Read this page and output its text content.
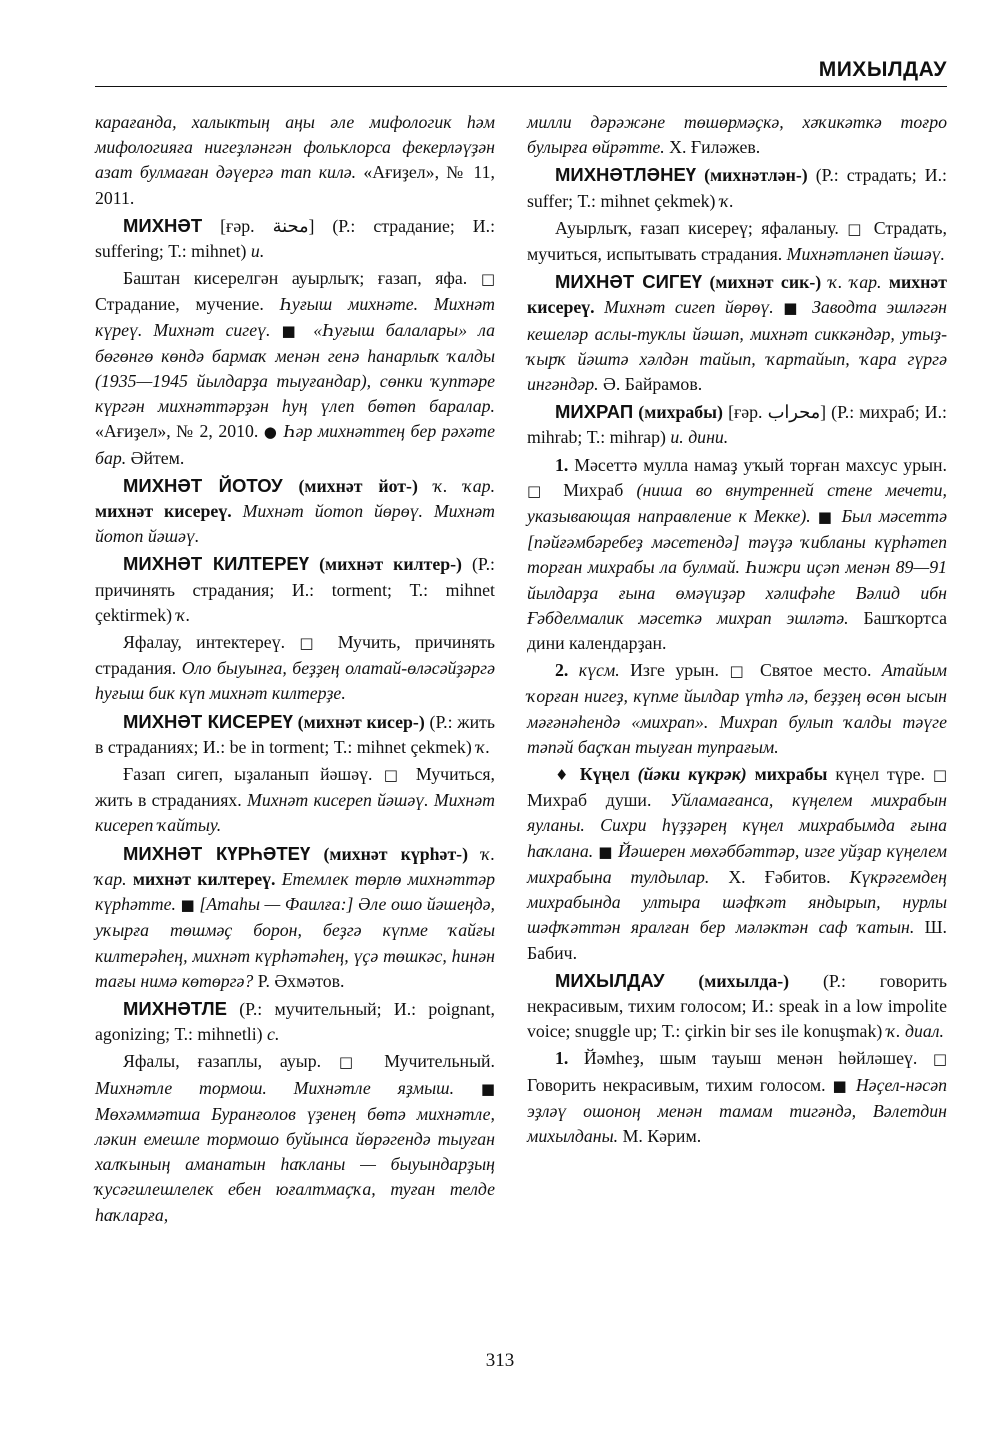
МИХЫЛДАУ

карағанда, халыктың аңы әле мифологик һәм мифологияға нигеҙләнгән фольклорса фекерләүҙән азат булмаған дәүергә тап килә. «Ағиҙел», № 11, 2011.

МИХНӘТ [ғәр. محنة] (Р.: страдание; И.: suffering; Т.: mihnet) и.

Баштан кисерелгән ауырлыҡ; ғазап, яфа. □ Страдание, мучение. Һуғыш михнәте. Михнәт күреү. Михнәт сигеү. ■ «Һуғыш балалары» ла бөгөнгө көндә бармаҡ менән генә һанарлыҡ ҡалды (1935—1945 йылдарҙа тыуғандар), сөнки ҡуптәре күргән михнәттәрҙән һуң үлеп бөтөп баралар. «Ағиҙел», № 2, 2010. ● Һәр михнәттең бер рәхәте бар. Әйтем.

МИХНӘТ ЙОТОУ (михнәт йот-) ҡ. ҡар. михнәт кисереү. Михнәт йотоп йөрөү. Михнәт йотоп йәшәү.

МИХНӘТ КИЛТЕРЕҮ (михнәт килтер-) (Р.: причинять страдания; И.: torment; Т.: mihnet çektirmek) ҡ.

Яфалау, интектереү. □ Мучить, причинять страдания. Оло быуынға, беҙҙең олатай-өләсәйҙәргә һуғыш бик күп михнәт килтерҙе.

МИХНӘТ КИСЕРЕҮ (михнәт кисер-) (Р.: жить в страданиях; И.: be in torment; Т.: mihnet çekmek) ҡ.

Ғазап сигеп, ыҙаланып йәшәү. □ Мучиться, жить в страданиях. Михнәт кисереп йәшәү. Михнәт кисереп ҡайтыу.

МИХНӘТ КҮРҺӘТЕҮ (михнәт күрһәт-) ҡ. ҡар. михнәт килтереү. Етемлек төрлө михнәттәр күрһәтте. ■ [Атаһы — Фаилға:] Әле ошо йәшеңдә, уҡырға төшмәҫ борон, беҙгә күпме ҡайғы килтерәһең, михнәт күрһәтәһең, үҫә төшкәс, һинән тағы нимә көтөргә? Р. Әхмәтов.

МИХНӘТЛЕ (Р.: мучительный; И.: poignant, agonizing; Т.: mihnetli) с.

Яфалы, ғазаплы, ауыр. □ Мучительный. Михнәтле тормош. Михнәтле яҙмыш. ■ Мөхәммәтша Буранғолов үҙенең бөтә михнәтле, ләкин емешле тормошо буйынса йөрәгендә тыуған халҡының аманатын һаҡланы — быуындарҙың ҡусәгилешлелек ебен юғалтмаҫҡа, туған телде һаҡларға,

милли дәрәжәне төшөрмәҫкә, хәҡикәткә тоғро булырға өйрәтте. Х. Ғиләжев.

МИХНӘТЛӘНЕҮ (михнәтлән-) (Р.: страдать; И.: suffer; Т.: mihnet çekmek) ҡ.

Ауырлыҡ, ғазап кисереү; яфаланыу. □ Страдать, мучиться, испытывать страдания. Михнәтләнеп йәшәү.

МИХНӘТ СИГЕҮ (михнәт сик-) ҡ. ҡар. михнәт кисереү. Михнәт сигеп йөрөү. ■ Заводта эшләгән кешеләр аслы-туклы йәшәп, михнәт сиккәндәр, утыҙ-ҡырҡ йәштә хәлдән тайып, ҡартайып, ҡара гүргә ингәндәр. Ә. Байрамов.

МИХРАП (михрабы) [ғәр. محراب] (Р.: михраб; И.: mihrab; Т.: mihrap) и. дини.

1. Мәсеттә мулла намаҙ уҡый торған махсус урын. □ Михраб (ниша во внутренней стене мечети, указывающая направление к Мекке). ■ Был мәсеттә [пәйғәмбәребеҙ мәсетендә] тәүҙә ҡибланы күрһәтеп торған михрабы ла булмай. Һижри иҫәп менән 89—91 йылдарҙа ғына өмәүиҙәр хәлифәһе Вәлид ибн Ғәбделмалик мәсеткә михрап эшләтә. Башҡортса дини календарҙан.

2. күсм. Изге урын. □ Святое место. Атайым ҡорған нигеҙ, күпме йылдар үтһә лә, беҙҙең өсөн ысын мәғәнәһендә «михрап». Михрап булып ҡалды тәүге тәпәй баҫҡан тыуған тупрағым.

♦ Күңел (йәки күкрәк) михрабы күңел түре. □ Михраб души. Уйламағанса, күңелем михрабын яуланы. Сихри һүҙҙәрең күңел михрабымда ғына һаҡлана. ■ Йәшерен мөхәббәттәр, изге уйҙар күңелем михрабына тулдылар. Х. Ғәбитов. Күкрәгемдең михрабында ултыра шәфҡәт яндырып, нурлы шәфҡәттән яралған бер мәләктән саф ҡатын. Ш. Бабич.

МИХЫЛДАУ (михылда-) (Р.: говорить некрасивым, тихим голосом; И.: speak in a low impolite voice; snuggle up; Т.: çirkin bir ses ile konuşmak) ҡ. диал.

1. Йәмһеҙ, шым тауыш менән һөйләшеү. □ Говорить некрасивым, тихим голосом. ■ Нәҫел-нәсәп эҙләү ошоноң менән тамам тигәндә, Вәлетдин михылданы. М. Кәрим.

313
